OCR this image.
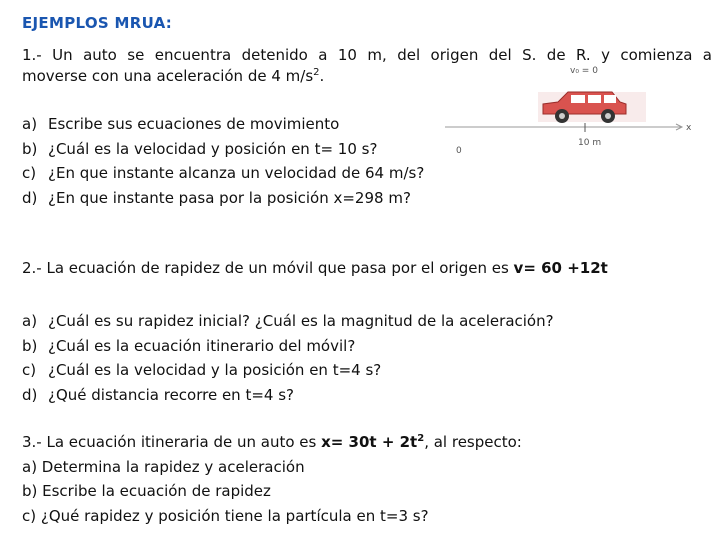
EJEMPLOS MRUA:
1.- Un auto se encuentra detenido a 10 m, del origen del S. de R. y comienza a
moverse con una aceleración de 4 $m/s^2$.	v₀ = 0
x
10 m
0
a) Escribe sus ecuaciones de movimiento
b) ¿Cuál es la velocidad y posición en t= 10 s?
c) ¿En que instante alcanza un velocidad de 64 m/s?
d) ¿En que instante pasa por la posición x=298 m?
2.- La ecuación de rapidez de un móvil que pasa por el origen es v= 60 +12t
a) ¿Cuál es su rapidez inicial? ¿Cuál es la magnitud de la aceleración?
b) ¿Cuál es la ecuación itinerario del móvil?
c) ¿Cuál es la velocidad y la posición en t=4 s?
d) ¿Qué distancia recorre en t=4 s?
3.- La ecuación itineraria de un auto es $x= 30t + 2t^2$, al respecto:
a) Determina la rapidez y aceleración
b) Escribe la ecuación de rapidez
c) ¿Qué rapidez y posición tiene la partícula en t=3 s?
